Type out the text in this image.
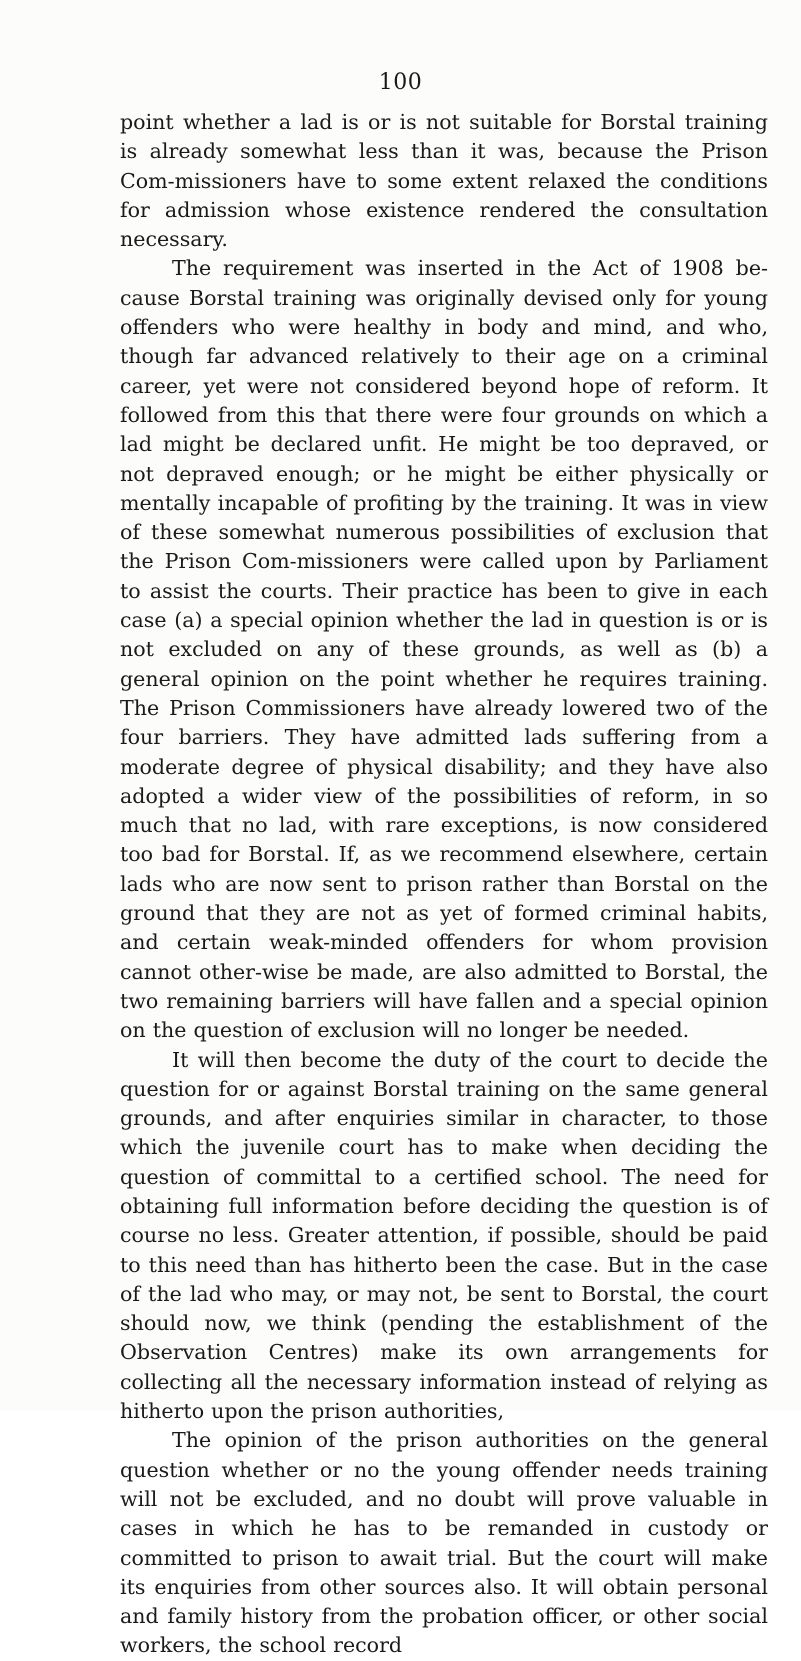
100

point whether a lad is or is not suitable for Borstal training is already somewhat less than it was, because the Prison Com-missioners have to some extent relaxed the conditions for admission whose existence rendered the consultation necessary.

The requirement was inserted in the Act of 1908 be-cause Borstal training was originally devised only for young offenders who were healthy in body and mind, and who, though far advanced relatively to their age on a criminal career, yet were not considered beyond hope of reform. It followed from this that there were four grounds on which a lad might be declared unfit. He might be too depraved, or not depraved enough; or he might be either physically or mentally incapable of profiting by the training. It was in view of these somewhat numerous possibilities of exclusion that the Prison Com-missioners were called upon by Parliament to assist the courts. Their practice has been to give in each case (a) a special opinion whether the lad in question is or is not excluded on any of these grounds, as well as (b) a general opinion on the point whether he requires training. The Prison Commissioners have already lowered two of the four barriers. They have admitted lads suffering from a moderate degree of physical disability; and they have also adopted a wider view of the possibilities of reform, in so much that no lad, with rare exceptions, is now considered too bad for Borstal. If, as we recommend elsewhere, certain lads who are now sent to prison rather than Borstal on the ground that they are not as yet of formed criminal habits, and certain weak-minded offenders for whom provision cannot other-wise be made, are also admitted to Borstal, the two remaining barriers will have fallen and a special opinion on the question of exclusion will no longer be needed.

It will then become the duty of the court to decide the question for or against Borstal training on the same general grounds, and after enquiries similar in character, to those which the juvenile court has to make when deciding the question of committal to a certified school. The need for obtaining full information before deciding the question is of course no less. Greater attention, if possible, should be paid to this need than has hitherto been the case. But in the case of the lad who may, or may not, be sent to Borstal, the court should now, we think (pending the establishment of the Observation Centres) make its own arrangements for collecting all the necessary information instead of relying as hitherto upon the prison authorities,

The opinion of the prison authorities on the general question whether or no the young offender needs training will not be excluded, and no doubt will prove valuable in cases in which he has to be remanded in custody or committed to prison to await trial. But the court will make its enquiries from other sources also. It will obtain personal and family history from the probation officer, or other social workers, the school record
